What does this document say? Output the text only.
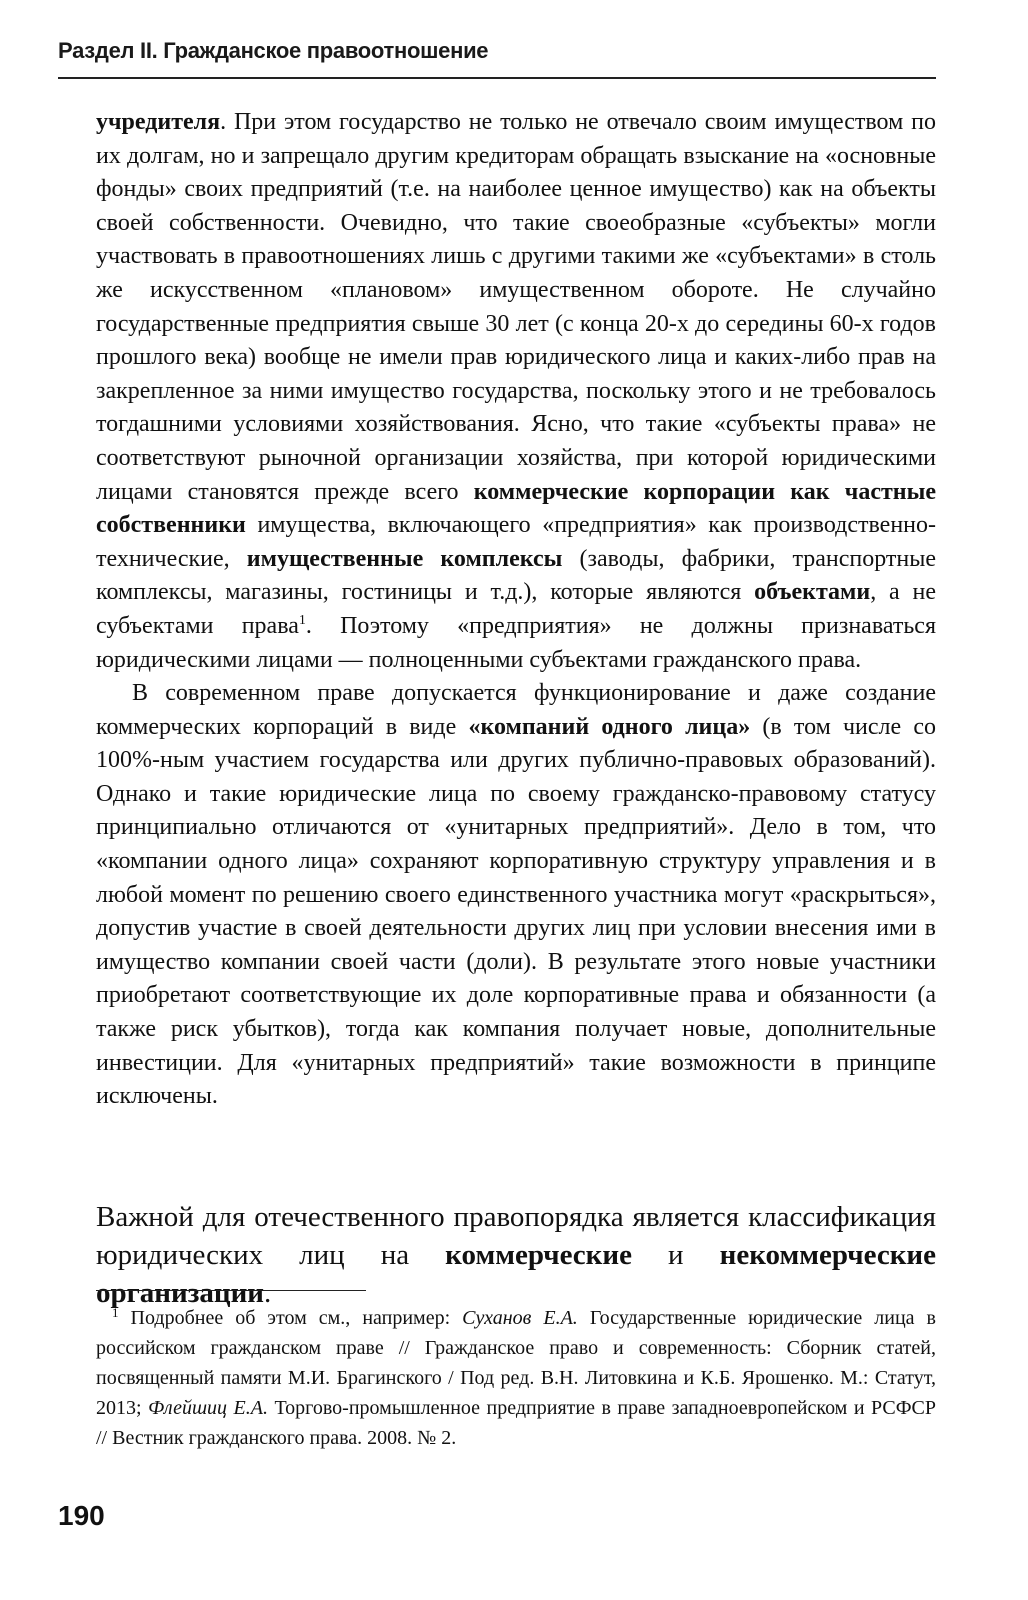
Раздел II. Гражданское правоотношение

учредителя. При этом государство не только не отвечало своим имуществом по их долгам, но и запрещало другим кредиторам обращать взыскание на «основные фонды» своих предприятий (т.е. на наиболее ценное имущество) как на объекты своей собственности. Очевидно, что такие своеобразные «субъекты» могли участвовать в правоотношениях лишь с другими такими же «субъектами» в столь же искусственном «плановом» имущественном обороте. Не случайно государственные предприятия свыше 30 лет (с конца 20-х до середины 60-х годов прошлого века) вообще не имели прав юридического лица и каких-либо прав на закрепленное за ними имущество государства, поскольку этого и не требовалось тогдашними условиями хозяйствования. Ясно, что такие «субъекты права» не соответствуют рыночной организации хозяйства, при которой юридическими лицами становятся прежде всего коммерческие корпорации как частные собственники имущества, включающего «предприятия» как производственно-технические, имущественные комплексы (заводы, фабрики, транспортные комплексы, магазины, гостиницы и т.д.), которые являются объектами, а не субъектами права$^1$. Поэтому «предприятия» не должны признаваться юридическими лицами — полноценными субъектами гражданского права.

В современном праве допускается функционирование и даже создание коммерческих корпораций в виде «компаний одного лица» (в том числе со 100%-ным участием государства или других публично-правовых образований). Однако и такие юридические лица по своему гражданско-правовому статусу принципиально отличаются от «унитарных предприятий». Дело в том, что «компании одного лица» сохраняют корпоративную структуру управления и в любой момент по решению своего единственного участника могут «раскрыться», допустив участие в своей деятельности других лиц при условии внесения ими в имущество компании своей части (доли). В результате этого новые участники приобретают соответствующие их доле корпоративные права и обязанности (а также риск убытков), тогда как компания получает новые, дополнительные инвестиции. Для «унитарных предприятий» такие возможности в принципе исключены.

Важной для отечественного правопорядка является классификация юридических лиц на коммерческие и некоммерческие организации.

$^1$ Подробнее об этом см., например: Суханов Е.А. Государственные юридические лица в российском гражданском праве // Гражданское право и современность: Сборник статей, посвященный памяти М.И. Брагинского / Под ред. В.Н. Литовкина и К.Б. Ярошенко. М.: Статут, 2013; Флейшиц Е.А. Торгово-промышленное предприятие в праве западноевропейском и РСФСР // Вестник гражданского права. 2008. № 2.

190
